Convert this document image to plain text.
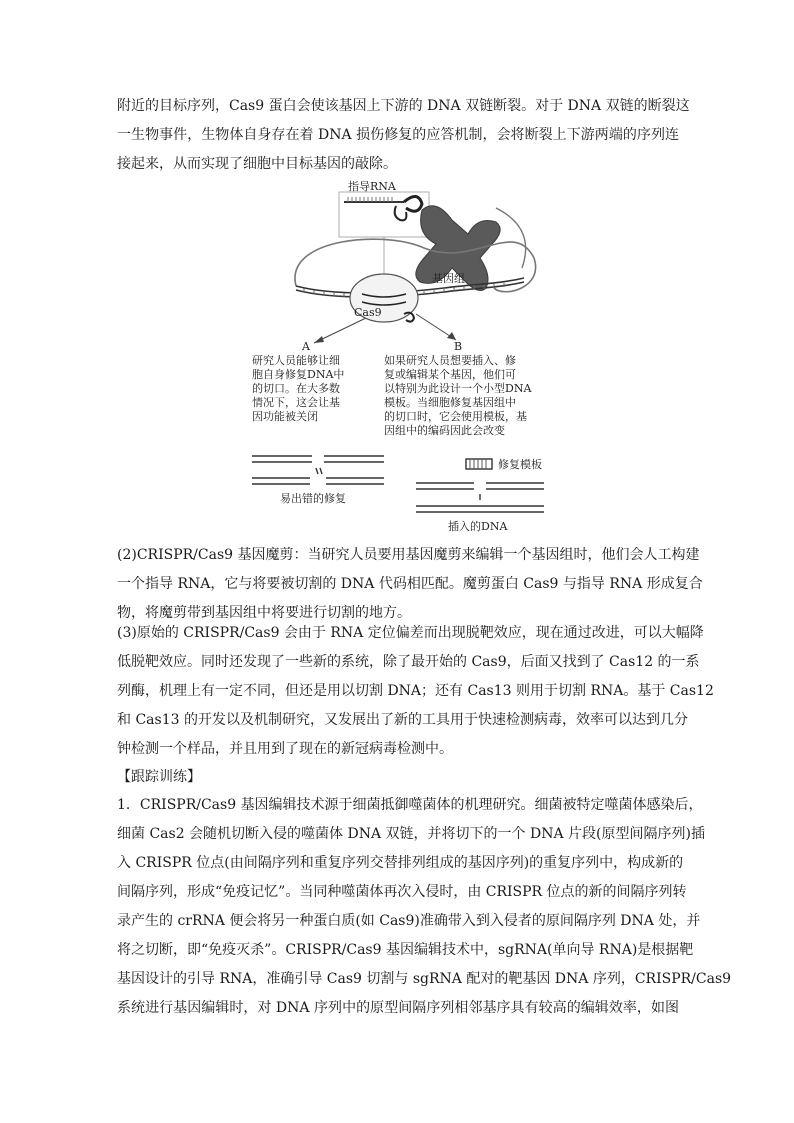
附近的目标序列，Cas9 蛋白会使该基因上下游的 DNA 双链断裂。对于 DNA 双链的断裂这
一生物事件，生物体自身存在着 DNA 损伤修复的应答机制，会将断裂上下游两端的序列连
接起来，从而实现了细胞中目标基因的敲除。
指导RNA
基因组
Cas9
A	B
研究人员能够让细
胞自身修复DNA中
的切口。在大多数
情况下，这会让基
因功能被关闭
如果研究人员想要插入、修
复或编辑某个基因，他们可
以特别为此设计一个小型DNA
模板。当细胞修复基因组中
的切口时，它会使用模板，基
因组中的编码因此会改变
易出错的修复
修复模板
插入的DNA
(2)CRISPR/Cas9 基因魔剪：当研究人员要用基因魔剪来编辑一个基因组时，他们会人工构建
一个指导 RNA，它与将要被切割的 DNA 代码相匹配。魔剪蛋白 Cas9 与指导 RNA 形成复合
物，将魔剪带到基因组中将要进行切割的地方。
(3)原始的 CRISPR/Cas9 会由于 RNA 定位偏差而出现脱靶效应，现在通过改进，可以大幅降
低脱靶效应。同时还发现了一些新的系统，除了最开始的 Cas9，后面又找到了 Cas12 的一系
列酶，机理上有一定不同，但还是用以切割 DNA；还有 Cas13 则用于切割 RNA。基于 Cas12
和 Cas13 的开发以及机制研究，又发展出了新的工具用于快速检测病毒，效率可以达到几分
钟检测一个样品，并且用到了现在的新冠病毒检测中。
【跟踪训练】
1．CRISPR/Cas9 基因编辑技术源于细菌抵御噬菌体的机理研究。细菌被特定噬菌体感染后，
细菌 Cas2 会随机切断入侵的噬菌体 DNA 双链，并将切下的一个 DNA 片段(原型间隔序列)插
入 CRISPR 位点(由间隔序列和重复序列交替排列组成的基因序列)的重复序列中，构成新的
间隔序列，形成“免疫记忆”。当同种噬菌体再次入侵时，由 CRISPR 位点的新的间隔序列转
录产生的 crRNA 便会将另一种蛋白质(如 Cas9)准确带入到入侵者的原间隔序列 DNA 处，并
将之切断，即“免疫灭杀”。CRISPR/Cas9 基因编辑技术中，sgRNA(单向导 RNA)是根据靶
基因设计的引导 RNA，准确引导 Cas9 切割与 sgRNA 配对的靶基因 DNA 序列，CRISPR/Cas9
系统进行基因编辑时，对 DNA 序列中的原型间隔序列相邻基序具有较高的编辑效率，如图
